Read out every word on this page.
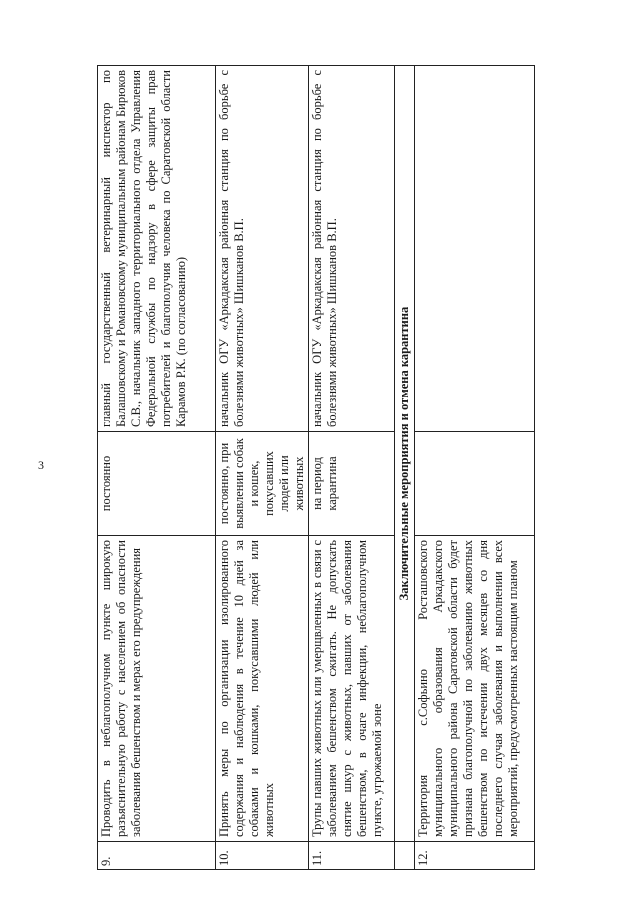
3
9.	Проводить в неблагополучном пункте широкую разъяснительную работу с населением об опасности заболевания бешенством и мерах его предупреждения	постоянно	главный государственный ветеринарный инспектор по Балашовскому и Романовскому муниципальным районам Бирюков С.В., начальник западного территориального отдела Управления Федеральной службы по надзору в сфере защиты прав потребителей и благополучия человека по Саратовской области Карамов Р.К. (по согласованию)
10.	Принять меры по организации изолированного содержания и наблюдения в течение 10 дней за собаками и кошками, покусавшими людей или животных	постоянно, при выявлении собак и кошек, покусавших людей или животных	начальник ОГУ «Аркадакская районная станция по борьбе с болезнями животных» Шишканов В.П.
11.	Трупы павших животных или умерщвленных в связи с заболеванием бешенством сжигать. Не допускать снятие шкур с животных, павших от заболевания бешенством, в очаге инфекции, неблагополучном пункте, угрожаемой зоне	на период карантина	начальник ОГУ «Аркадакская районная станция по борьбе с болезнями животных» Шишканов В.П.
	Заключительные мероприятия и отмена карантина		
12.	Территория с.Софьино Росташовского муниципального образования Аркадакского муниципального района Саратовской области будет признана благополучной по заболеванию животных бешенством по истечении двух месяцев со дня последнего случая заболевания и выполнении всех мероприятий, предусмотренных настоящим планом		
